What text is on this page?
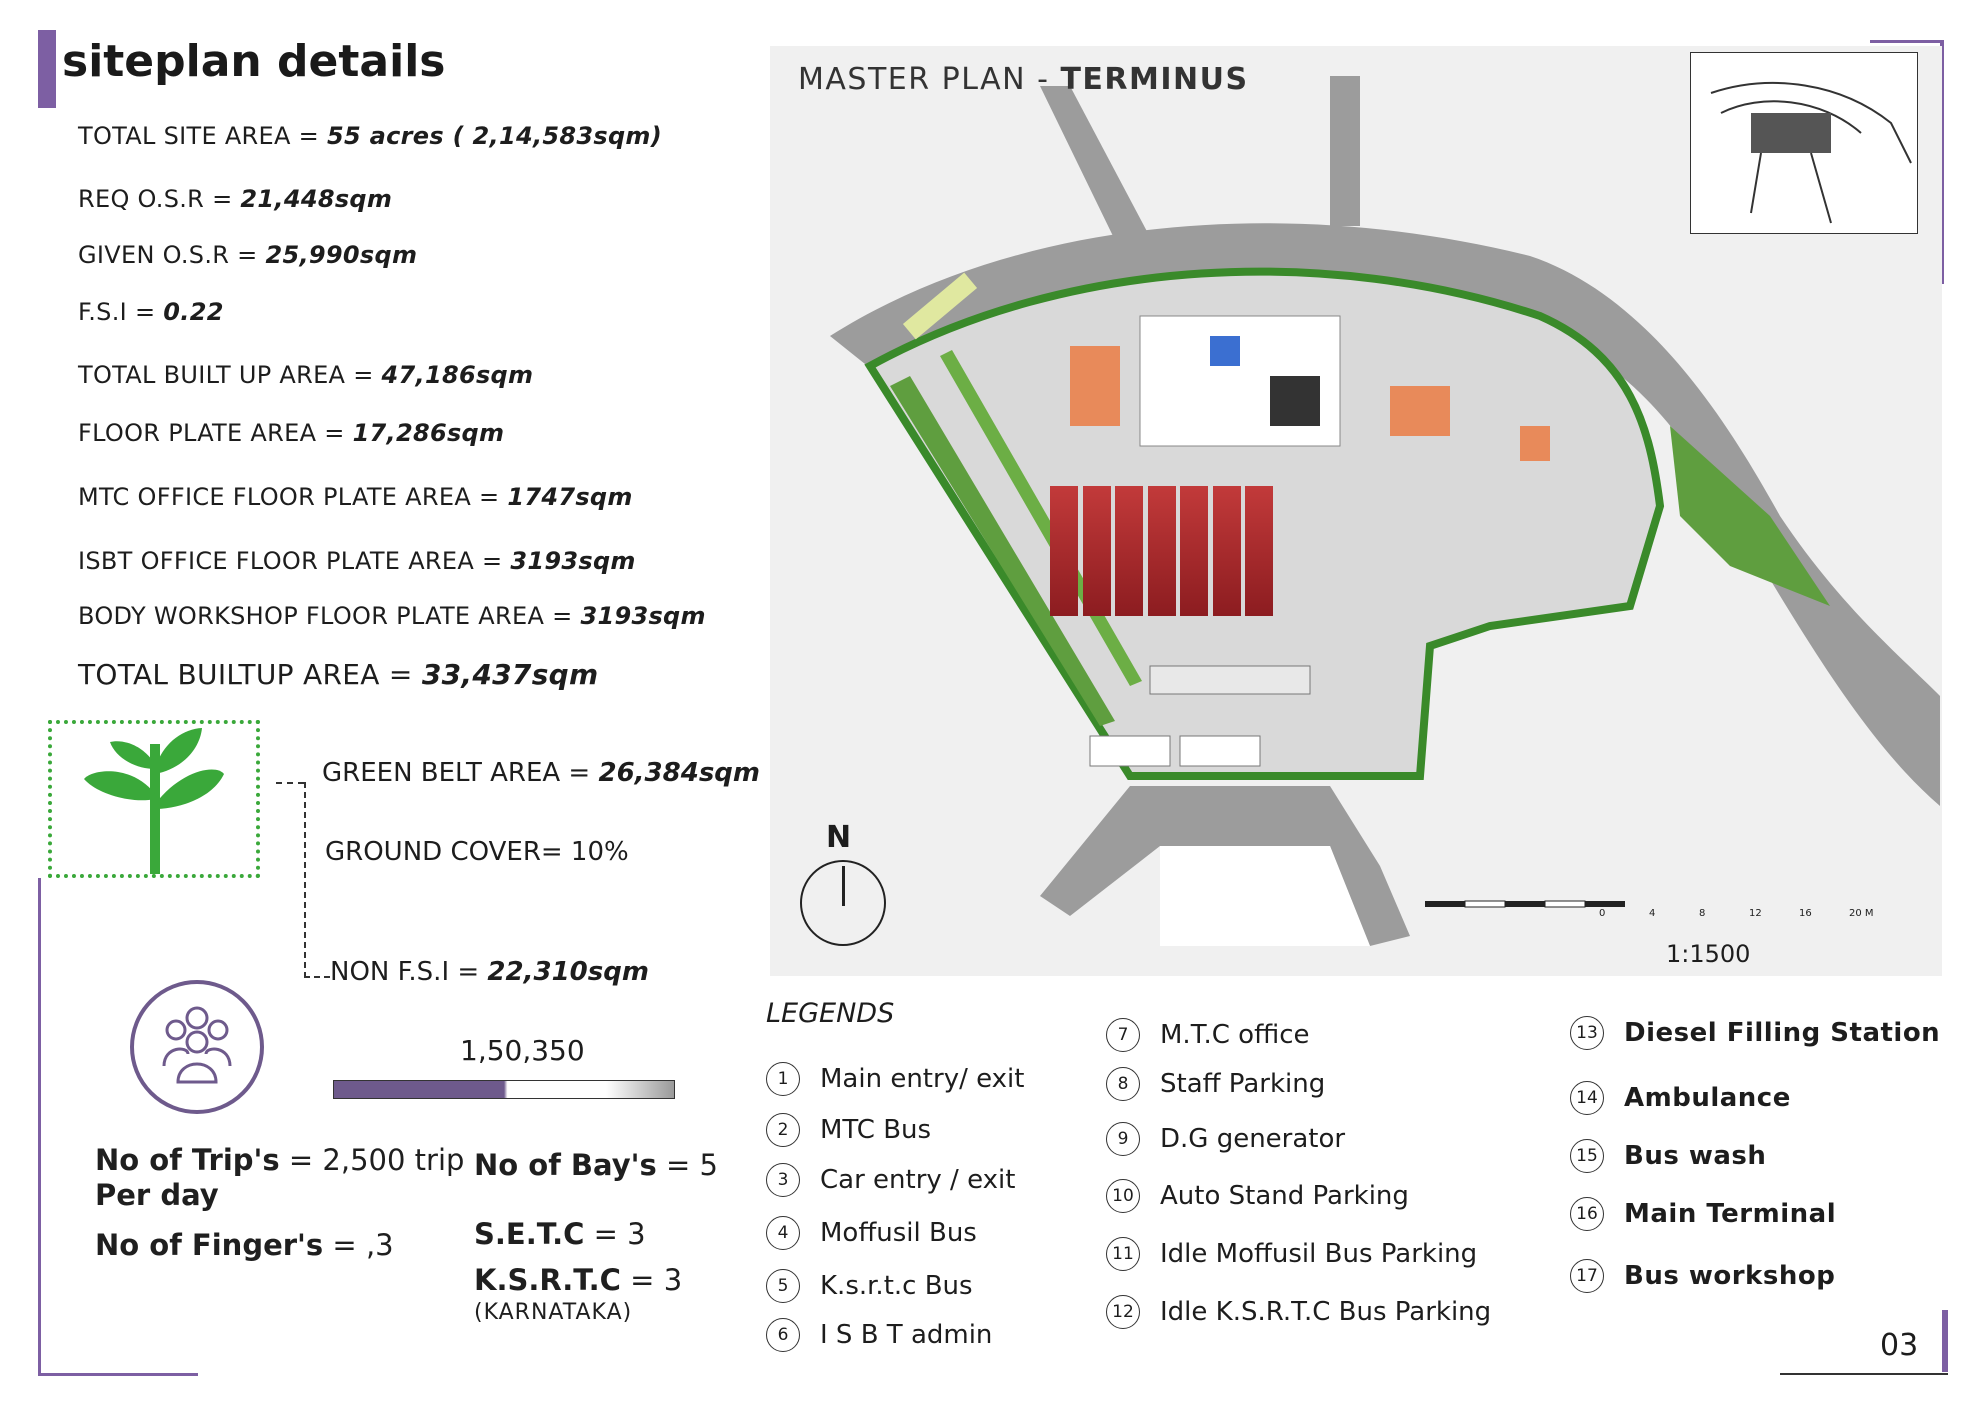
siteplan details
TOTAL SITE AREA = 55 acres ( 2,14,583sqm)
REQ O.S.R = 21,448sqm
GIVEN O.S.R = 25,990sqm
F.S.I = 0.22
TOTAL BUILT UP AREA = 47,186sqm
FLOOR PLATE AREA = 17,286sqm
MTC OFFICE FLOOR PLATE AREA = 1747sqm
ISBT OFFICE FLOOR PLATE AREA = 3193sqm
BODY WORKSHOP FLOOR PLATE AREA = 3193sqm
TOTAL BUILTUP AREA = 33,437sqm
GREEN BELT AREA = 26,384sqm
GROUND COVER= 10%
NON F.S.I = 22,310sqm
1,50,350
No of Trip's = 2,500 trip
Per day
No of Finger's = ,3
No of Bay's = 5
S.E.T.C = 3
K.S.R.T.C = 3
(KARNATAKA)
MASTER PLAN - TERMINUS
N
0	4	8	12	16	20 M
1:1500
LEGENDS
1	Main entry/ exit
2	MTC Bus
3	Car entry / exit
4	Moffusil Bus
5	K.s.r.t.c Bus
6	I S B T admin
7	M.T.C office
8	Staff Parking
9	D.G generator
10 Auto Stand Parking
11 Idle Moffusil Bus Parking
12 Idle K.S.R.T.C Bus Parking
13 Diesel Filling Station
14 Ambulance
15 Bus wash
16 Main Terminal
17 Bus workshop
03
